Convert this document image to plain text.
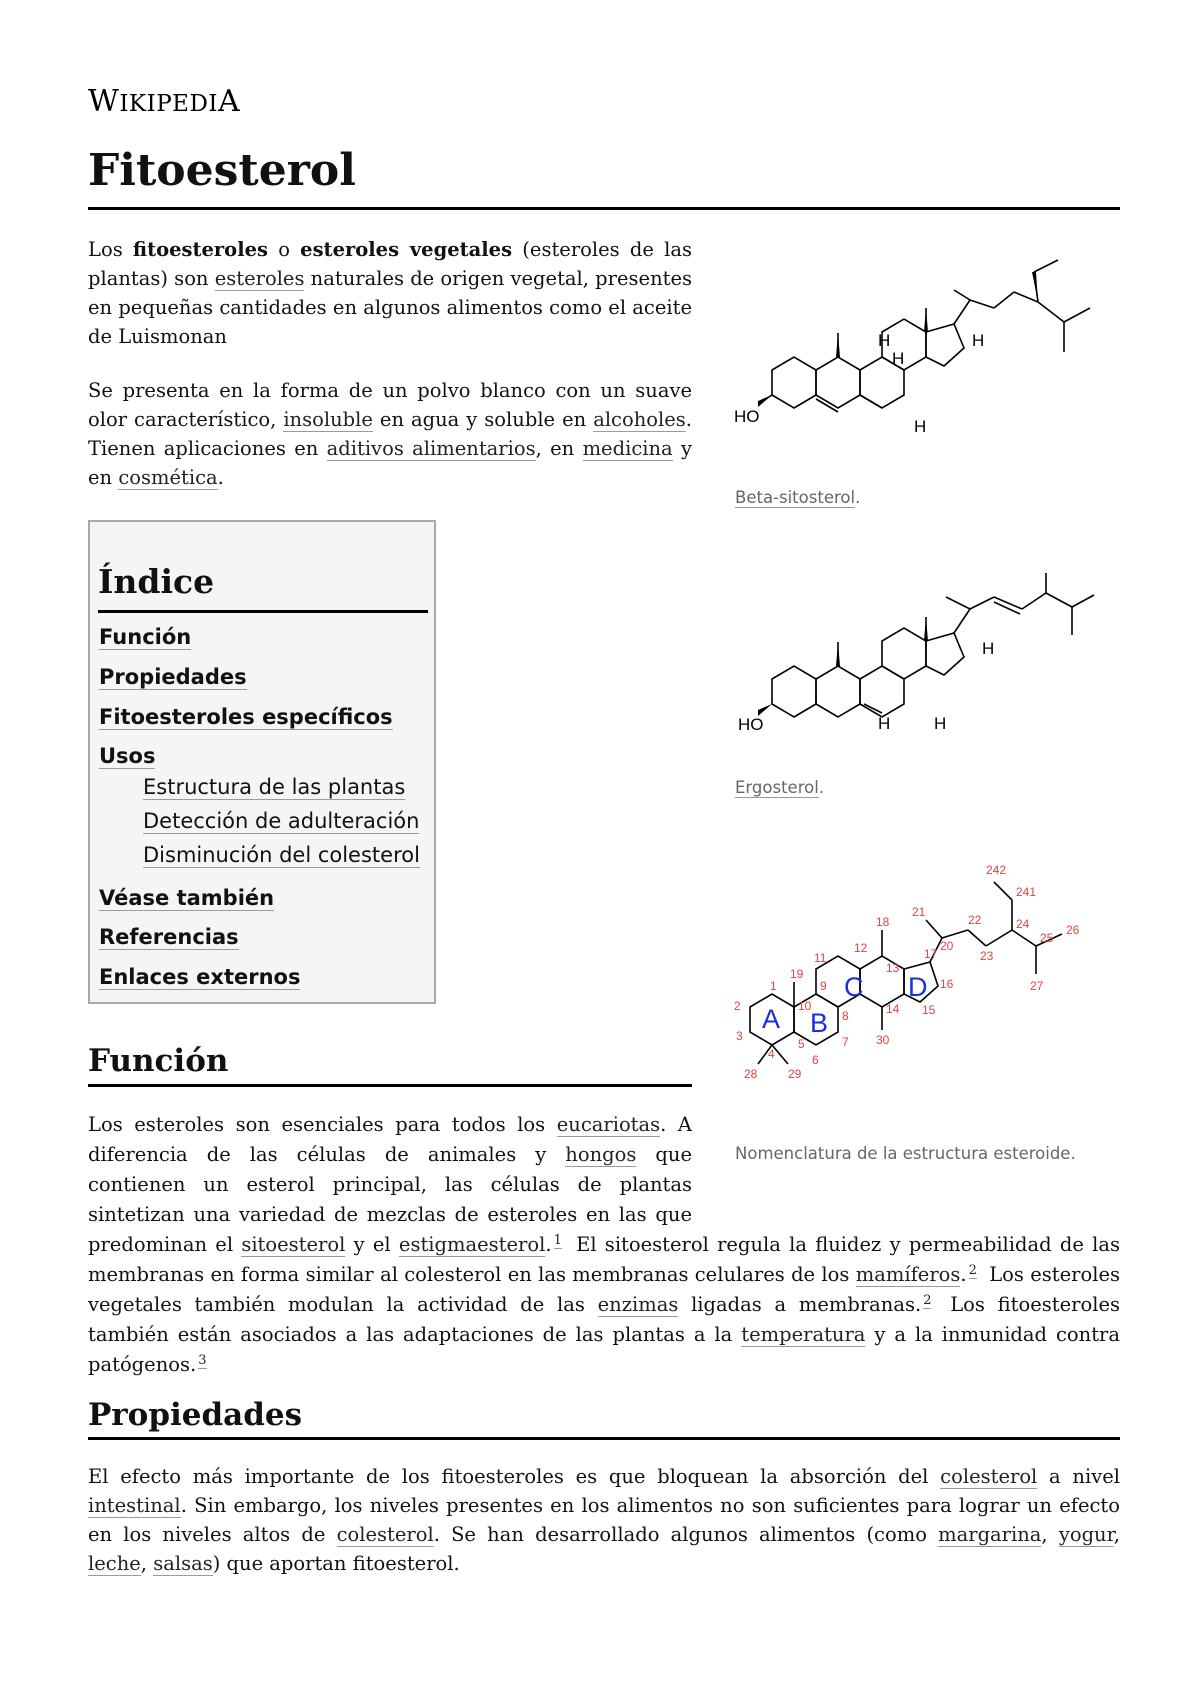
WIKIPEDIA
Fitoesterol

Los fitoesteroles o esteroles vegetales (esteroles de las plantas) son esteroles naturales de origen vegetal, presentes en pequeñas cantidades en algunos alimentos como el aceite de Luismonan

Se presenta en la forma de un polvo blanco con un suave olor característico, insoluble en agua y soluble en alcoholes. Tienen aplicaciones en aditivos alimentarios, en medicina y en cosmética.

Índice
Función
Propiedades
Fitoesteroles específicos
Usos
Estructura de las plantas
Detección de adulteración
Disminución del colesterol
Véase también
Referencias
Enlaces externos
Función

Los esteroles son esenciales para todos los eucariotas. A diferencia de las células de animales y hongos que contienen un esterol principal, las células de plantas sintetizan una variedad de mezclas de esteroles en las que predominan el sitoesterol y el estigmaesterol. $^1$ El sitoesterol regula la fluidez y permeabilidad de las membranas en forma similar al colesterol en las membranas celulares de los mamíferos. $^2$ Los esteroles vegetales también modulan la actividad de las enzimas ligadas a membranas. $^2$ Los fitoesteroles también están asociados a las adaptaciones de las plantas a la temperatura y a la inmunidad contra patógenos. $^3$

Propiedades

El efecto más importante de los fitoesteroles es que bloquean la absorción del colesterol a nivel intestinal. Sin embargo, los niveles presentes en los alimentos no son suficientes para lograr un efecto en los niveles altos de colesterol. Se han desarrollado algunos alimentos (como margarina, yogur, leche, salsas) que aportan fitoesterol.

HO
H
H
H
H
Beta-sitosterol.
HO	H	H
H
Ergosterol.
A B
C D
1
2
3
4
5
6
7
8
9
10
11
12
13
14 15
16
17
18
19
20
21
22
23
24
241
242
25
26
27
28	29
30
Nomenclatura de la estructura esteroide.
